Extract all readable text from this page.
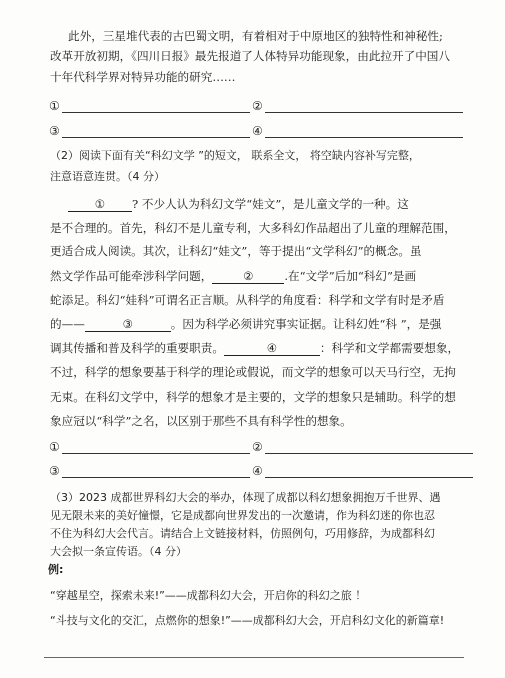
此外，三星堆代表的古巴蜀文明，有着相对于中原地区的独特性和神秘性;
改革开放初期，《四川日报》最先报道了人体特异功能现象，由此拉开了中国八
十年代科学界对特异功能的研究……
①	②
③	④
（2）阅读下面有关“科幻文学 ”的短文， 联系全文， 将空缺内容补写完整，
注意语意连贯。（4 分）
① ? 不少人认为科幻文学“娃文”，是儿童文学的一种。这
是不合理的。首先，科幻不是儿童专利，大多科幻作品超出了儿童的理解范围，
更适合成人阅读。其次，让科幻“娃文”，等于提出“文学科幻”的概念。虽
然文学作品可能牵涉科学问题，	②	.在“文学”后加“科幻”是画
蛇添足。科幻“娃科”可谓名正言顺。从科学的角度看：科学和文学有时是矛盾
的——	③	。因为科学必须讲究事实证据。让科幻姓“科 ”，是强
调其传播和普及科学的重要职责。	④	：科学和文学都需要想象，
不过，科学的想象要基于科学的理论或假说，而文学的想象可以天马行空，无拘
无束。在科幻文学中，科学的想象才是主要的，文学的想象只是辅助。科学的想
象应冠以“科学”之名，以区别于那些不具有科学性的想象。
①	②
③	④
（3）2023 成都世界科幻大会的举办，体现了成都以科幻想象拥抱万千世界、遇
见无限未来的美好憧憬，它是成都向世界发出的一次邀请，作为科幻迷的你也忍
不住为科幻大会代言。请结合上文链接材料，仿照例句，巧用修辞，为成都科幻
大会拟一条宣传语。（4 分）
例:
“穿越星空，探索未来!”——成都科幻大会，开启你的科幻之旅 ！
“斗技与文化的交汇，点燃你的想象!”——成都科幻大会，开启科幻文化的新篇章!
